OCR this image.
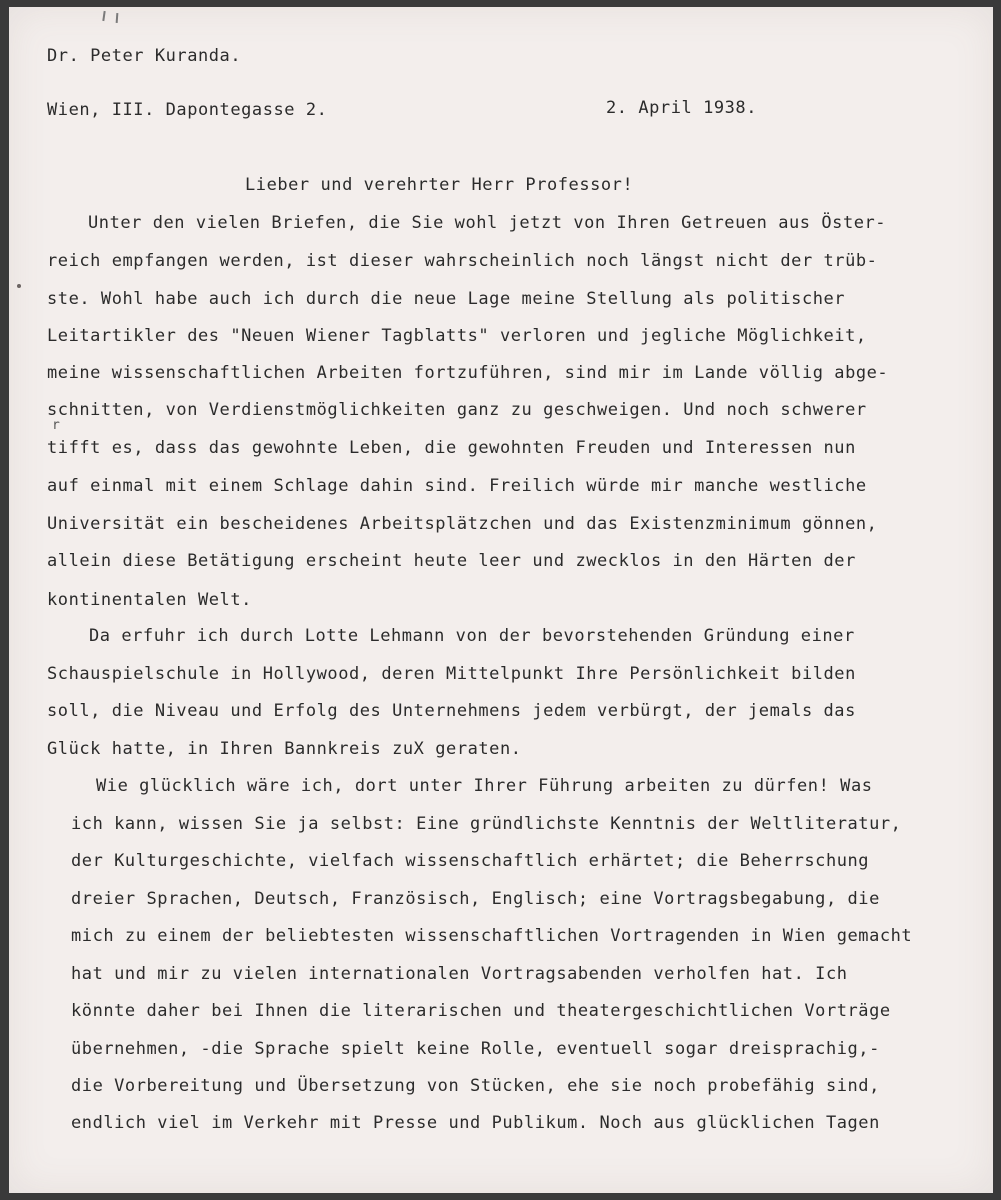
Dr. Peter Kuranda.
Wien, III. Dapontegasse 2.	2. April 1938.
Lieber und verehrter Herr Professor!
Unter den vielen Briefen, die Sie wohl jetzt von Ihren Getreuen aus Öster-
reich empfangen werden, ist dieser wahrscheinlich noch längst nicht der trüb-
ste. Wohl habe auch ich durch die neue Lage meine Stellung als politischer
Leitartikler des "Neuen Wiener Tagblatts" verloren und jegliche Möglichkeit,
meine wissenschaftlichen Arbeiten fortzuführen, sind mir im Lande völlig abge-
schnitten, von Verdienstmöglichkeiten ganz zu geschweigen. Und noch schwerer
r
tifft es, dass das gewohnte Leben, die gewohnten Freuden und Interessen nun
auf einmal mit einem Schlage dahin sind. Freilich würde mir manche westliche
Universität ein bescheidenes Arbeitsplätzchen und das Existenzminimum gönnen,
allein diese Betätigung erscheint heute leer und zwecklos in den Härten der
kontinentalen Welt.
Da erfuhr ich durch Lotte Lehmann von der bevorstehenden Gründung einer
Schauspielschule in Hollywood, deren Mittelpunkt Ihre Persönlichkeit bilden
soll, die Niveau und Erfolg des Unternehmens jedem verbürgt, der jemals das
Glück hatte, in Ihren Bannkreis zuX geraten.
Wie glücklich wäre ich, dort unter Ihrer Führung arbeiten zu dürfen! Was
ich kann, wissen Sie ja selbst: Eine gründlichste Kenntnis der Weltliteratur,
der Kulturgeschichte, vielfach wissenschaftlich erhärtet; die Beherrschung
dreier Sprachen, Deutsch, Französisch, Englisch; eine Vortragsbegabung, die
mich zu einem der beliebtesten wissenschaftlichen Vortragenden in Wien gemacht
hat und mir zu vielen internationalen Vortragsabenden verholfen hat. Ich
könnte daher bei Ihnen die literarischen und theatergeschichtlichen Vorträge
übernehmen, -die Sprache spielt keine Rolle, eventuell sogar dreisprachig,-
die Vorbereitung und Übersetzung von Stücken, ehe sie noch probefähig sind,
endlich viel im Verkehr mit Presse und Publikum. Noch aus glücklichen Tagen
